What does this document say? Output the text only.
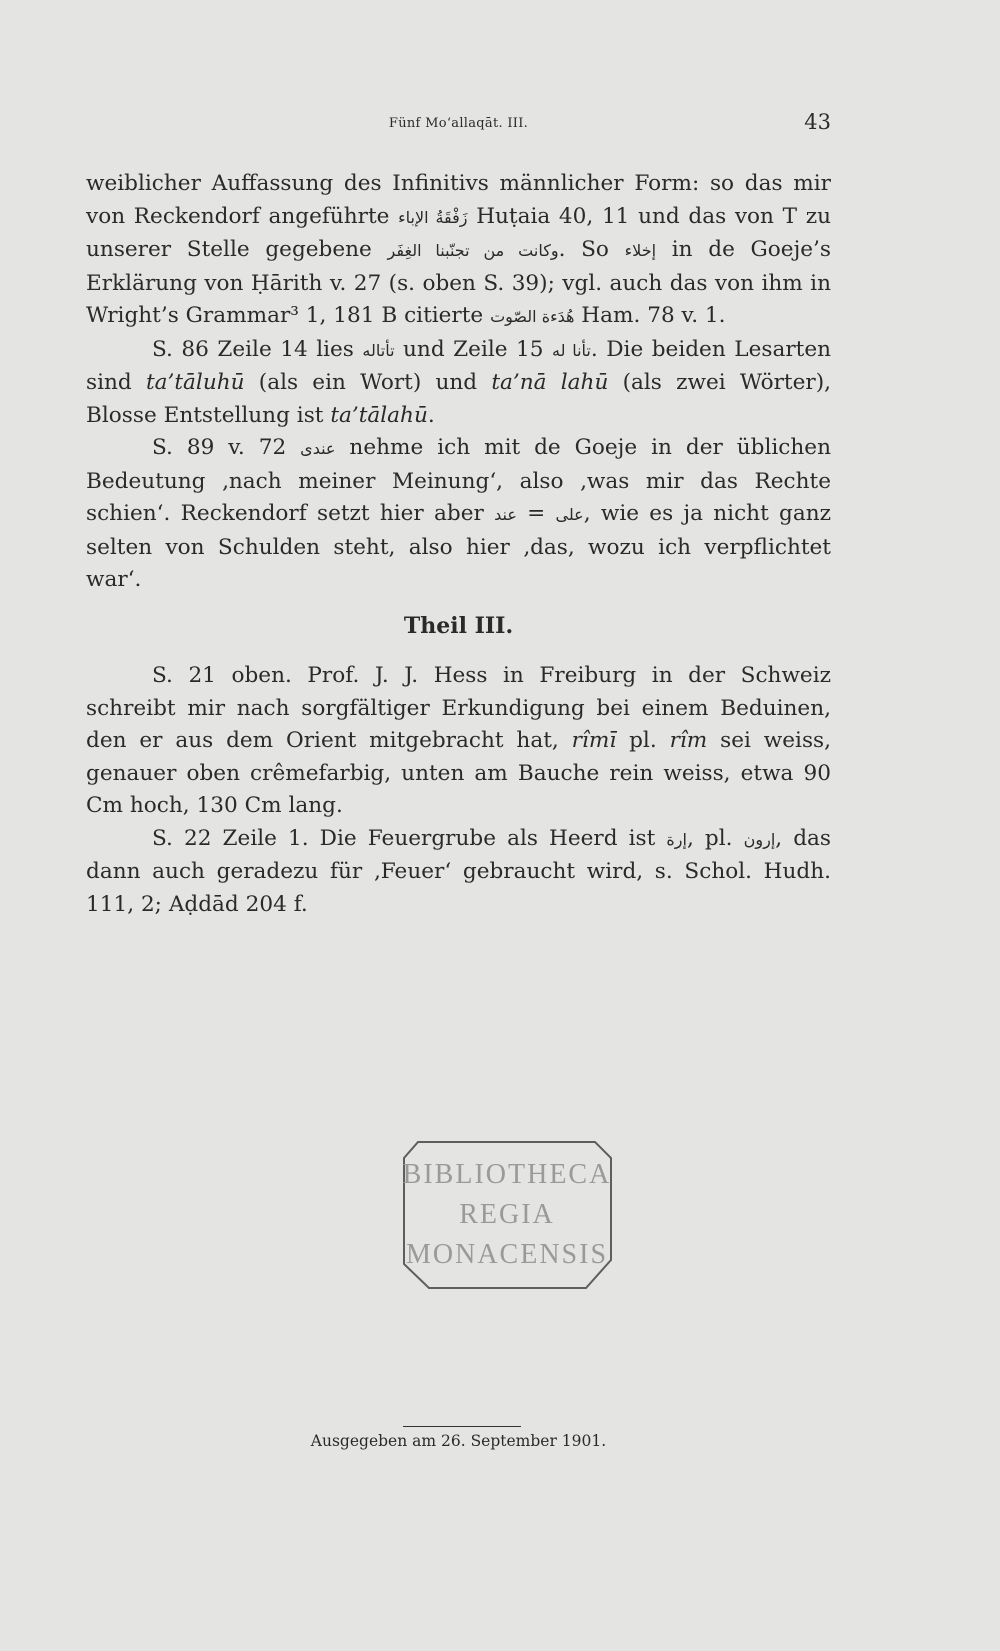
Fünf Mo‘allaqāt. III.	43

weiblicher Auffassung des Infinitivs männlicher Form: so das mir von Reckendorf angeführte زَفْقَةُ الإباء Huṭaia 40, 11 und das von T zu unserer Stelle gegebene وكانت من تجنّبنا الغِفَر. So إخلاء in de Goeje’s Erklärung von Ḥārith v. 27 (s. oben S. 39); vgl. auch das von ihm in Wright’s Grammar³ 1, 181 B citierte هُدَءة الصّوت Ham. 78 v. 1.

S. 86 Zeile 14 lies تأتاله und Zeile 15 تأنا له. Die beiden Lesarten sind ta’tāluhū (als ein Wort) und ta’nā lahū (als zwei Wörter), Blosse Entstellung ist ta’tālahū.

S. 89 v. 72 عندى nehme ich mit de Goeje in der üblichen Bedeutung ‚nach meiner Meinung‘, also ‚was mir das Rechte schien‘. Reckendorf setzt hier aber عند = على, wie es ja nicht ganz selten von Schulden steht, also hier ‚das, wozu ich verpflichtet war‘.

Theil III.

S. 21 oben. Prof. J. J. Hess in Freiburg in der Schweiz schreibt mir nach sorgfältiger Erkundigung bei einem Beduinen, den er aus dem Orient mitgebracht hat, rîmī pl. rîm sei weiss, genauer oben crêmefarbig, unten am Bauche rein weiss, etwa 90 Cm hoch, 130 Cm lang.

S. 22 Zeile 1. Die Feuergrube als Heerd ist إرة, pl. إرون, das dann auch geradezu für ‚Feuer‘ gebraucht wird, s. Schol. Hudh. 111, 2; Aḍdād 204 f.

BIBLIOTHECA
REGIA
MONACENSIS
Ausgegeben am 26. September 1901.
